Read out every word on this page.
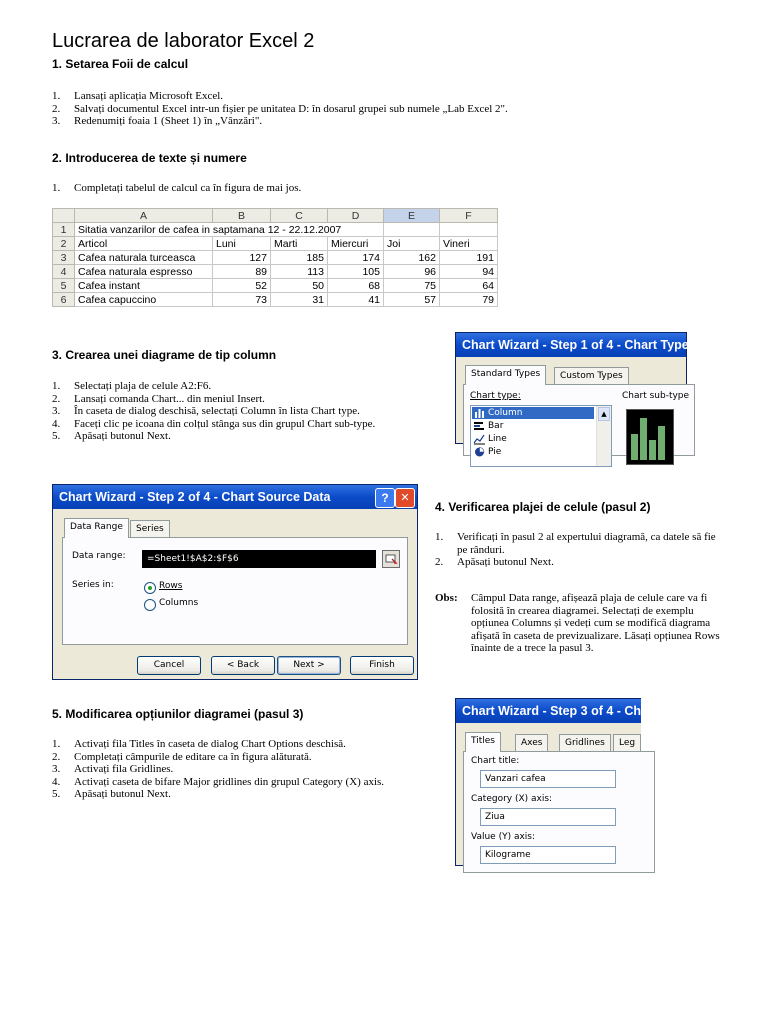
Lucrarea de laborator Excel 2
1. Setarea Foii de calcul
1. Lansați aplicația Microsoft Excel.
2. Salvați documentul Excel intr-un fișier pe unitatea D: în dosarul grupei sub numele „Lab Excel 2".
3. Redenumiți foaia 1 (Sheet 1) în „Vânzări".
2. Introducerea de texte și numere
1. Completați tabelul de calcul ca în figura de mai jos.
	A	B	C	D	E	F
1	Sitatia vanzarilor de cafea in saptamana 12 - 22.12.2007					
2	Articol	Luni	Marti	Miercuri	Joi	Vineri
3	Cafea naturala turceasca	127	185	174	162	191
4	Cafea naturala espresso	89	113	105	96	94
5	Cafea instant	52	50	68	75	64
6	Cafea capuccino	73	31	41	57	79
3. Crearea unei diagrame de tip column
1. Selectați plaja de celule A2:F6.
2. Lansați comanda Chart... din meniul Insert.
3. În caseta de dialog deschisă, selectați Column în lista Chart type.
4. Faceți clic pe icoana din colțul stânga sus din grupul Chart sub-type.
5. Apăsați butonul Next.
Chart Wizard - Step 1 of 4 - Chart Type
Standard Types	Custom Types
Chart type:	Chart sub-type
Column
Bar
Line
Pie
▲
Chart Wizard - Step 2 of 4 - Chart Source Data	?	✕
Data Range	Series
Data range:	=Sheet1!$A$2:$F$6
Series in:	Rows
Columns
Cancel	< Back	Next >	Finish
4. Verificarea plajei de celule (pasul 2)
1. Verificați în pasul 2 al expertului diagramă, ca datele să fie pe rânduri.
2. Apăsați butonul Next.
Obs: Câmpul Data range, afișează plaja de celule care va fi folosită în crearea diagramei. Selectați de exemplu opțiunea Columns și vedeți cum se modifică diagrama afișată în caseta de previzualizare. Lăsați opțiunea Rows înainte de a trece la pasul 3.
5. Modificarea opțiunilor diagramei (pasul 3)
1. Activați fila Titles în caseta de dialog Chart Options deschisă.
2. Completați câmpurile de editare ca în figura alăturată.
3. Activați fila Gridlines.
4. Activați caseta de bifare Major gridlines din grupul Category (X) axis.
5. Apăsați butonul Next.
Chart Wizard - Step 3 of 4 - Ch
Titles	Axes	Gridlines	Leg
Chart title:
Vanzari cafea
Category (X) axis:
Ziua
Value (Y) axis:
Kilograme
